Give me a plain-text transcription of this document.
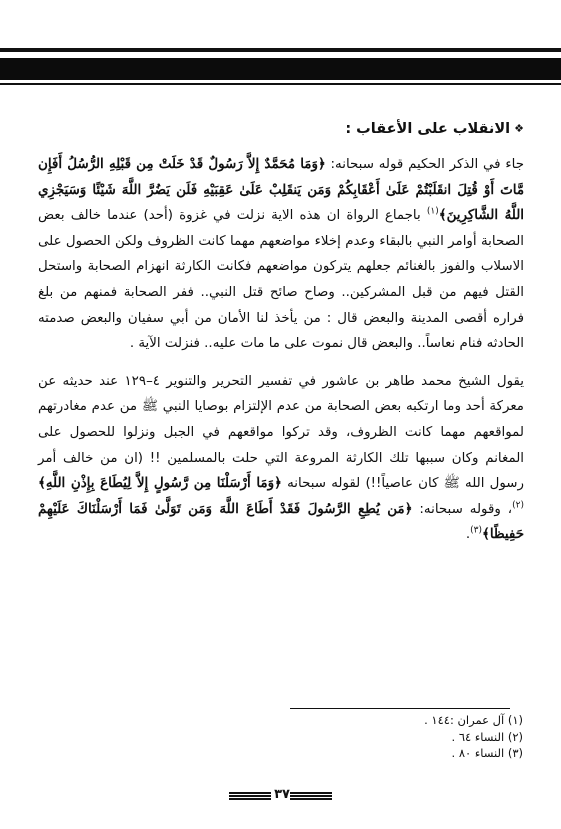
❖الانقلاب على الأعقاب :

جاء في الذكر الحكيم قوله سبحانه: ﴿وَمَا مُحَمَّدٌ إِلاَّ رَسُولٌ قَدْ خَلَتْ مِن قَبْلِهِ الرُّسُلُ أَفَإِن مَّاتَ أَوْ قُتِلَ انقَلَبْتُمْ عَلَىٰ أَعْقَابِكُمْ وَمَن يَنقَلِبْ عَلَىٰ عَقِبَيْهِ فَلَن يَضُرَّ اللَّهَ شَيْئًا وَسَيَجْزِي اللَّهُ الشَّاكِرِينَ﴾$^{(١)}$ باجماع الرواة ان هذه الاية نزلت في غزوة (أحد) عندما خالف بعض الصحابة أوامر النبي بالبقاء وعدم إخلاء مواضعهم مهما كانت الظروف ولكن الحصول على الاسلاب والفوز بالغنائم جعلهم يتركون مواضعهم فكانت الكارثة انهزام الصحابة واستحل القتل فيهم من قبل المشركين.. وصاح صائح قتل النبي.. ففر الصحابة فمنهم من بلغ فراره أقصى المدينة والبعض قال : من يأخذ لنا الأمان من أبي سفيان والبعض صدمته الحادثه فنام نعاساً.. والبعض قال نموت على ما مات عليه.. فنزلت الآية .

يقول الشيخ محمد طاهر بن عاشور في تفسير التحرير والتنوير ٤–١٢٩ عند حديثه عن معركة أحد وما ارتكبه بعض الصحابة من عدم الإلتزام بوصايا النبي ﷺ من عدم مغادرتهم لمواقعهم مهما كانت الظروف، وقد تركوا مواقعهم في الجبل ونزلوا للحصول على المغانم وكان سببها تلك الكارثة المروعة التي حلت بالمسلمين !! (ان من خالف أمر رسول الله ﷺ كان عاصياً!!) لقوله سبحانه ﴿وَمَا أَرْسَلْنَا مِن رَّسُولٍ إِلاَّ لِيُطَاعَ بِإِذْنِ اللَّهِ﴾$^{(٢)}$، وقوله سبحانه: ﴿مَن يُطِعِ الرَّسُولَ فَقَدْ أَطَاعَ اللَّهَ وَمَن تَوَلَّىٰ فَمَا أَرْسَلْنَاكَ عَلَيْهِمْ حَفِيظًا﴾$^{(٣)}$.

(١) آل عمران :١٤٤ .
(٢) النساء ٦٤ .
(٣) النساء ٨٠ .
٣٧
